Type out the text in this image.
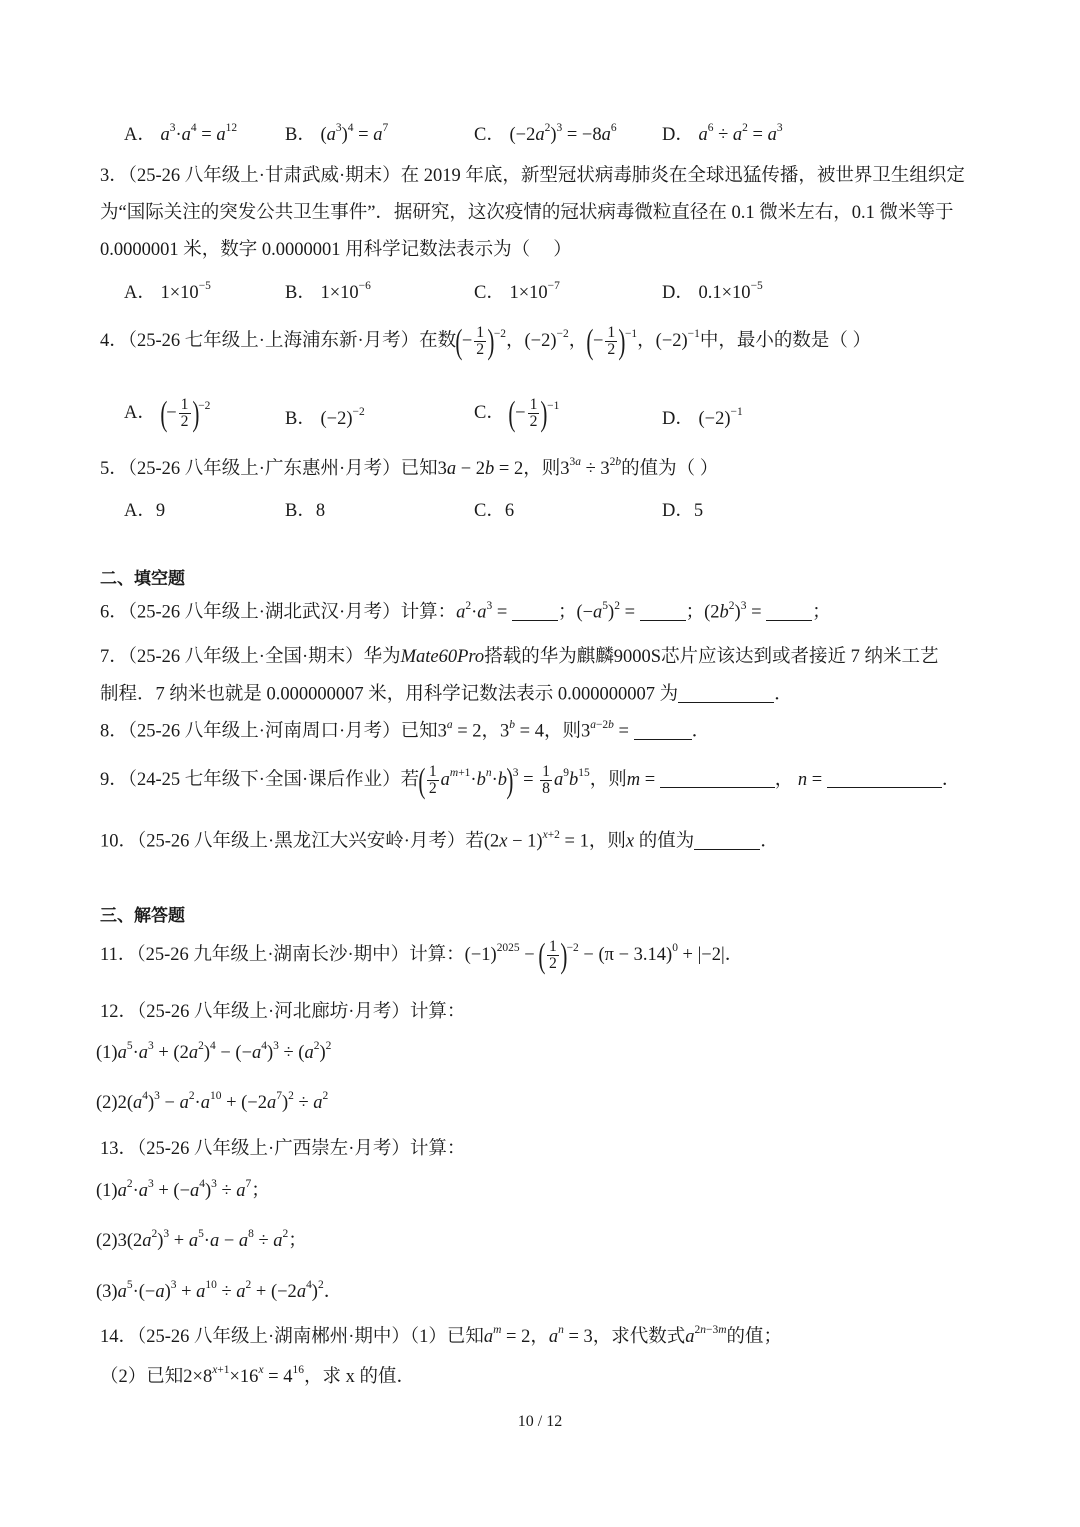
A． $a^3\cdot a^4 = a^{12}$	B． $(a^3)^4 = a^7$	C． $(-2a^2)^3 = -8a^6$ D． $a^6 \div a^2 = a^3$
3．（25-26 八年级上·甘肃武威·期末）在 2019 年底，新型冠状病毒肺炎在全球迅猛传播，被世界卫生组织定
为“国际关注的突发公共卫生事件”．据研究，这次疫情的冠状病毒微粒直径在 0.1 微米左右，0.1 微米等于
0.0000001 米，数字 0.0000001 用科学记数法表示为（　 ）
A． $1\times 10^{-5}$	B． $1\times 10^{-6}$	C． $1\times 10^{-7}$	D． $0.1\times 10^{-5}$
4．（25-26 七年级上·上海浦东新·月考）在数(− $\frac{1}{2} )^{-2}$，$(-2)^{-2}$，(− $\frac{1}{2} )^{-1}$，$(-2)^{-1}$中，最小的数是（ ）
A． (− $\frac{1}{2} )^{-2}$
B． $(-2)^{-2}$	C． (− $\frac{1}{2} )^{-1}$
D． $(-2)^{-1}$
5．（25-26 八年级上·广东惠州·月考）已知3a − 2b = 2，则$3^{3a} \div 3^{2b}$的值为（ ）
A．9	B．8	C．6	D．5
二、填空题
6．（25-26 八年级上·湖北武汉·月考）计算：$a^2\cdot a^3$ = ；$(-a^5)^2$ = ；$(2b^2)^3$ = ；
7．（25-26 八年级上·全国·期末）华为Mate60Pro搭载的华为麒麟9000S芯片应该达到或者接近 7 纳米工艺
制程．7 纳米也就是 0.000000007 米，用科学记数法表示 0.000000007 为	．
8．（25-26 八年级上·河南周口·月考）已知$3^a = 2$，$3^b = 4$，则$3^{a-2b}$ =	．
9．（24-25 七年级下·全国·课后作业）若( $\frac{1}{2} a^{m+1}\cdot b^n\cdot b)^3 = \frac{1}{8} a^9b^{15}$，则m =	， n =	．
10．（25-26 八年级上·黑龙江大兴安岭·月考）若$(2x - 1)^{x+2} = 1$，则x 的值为	．
三、解答题
11．（25-26 九年级上·湖南长沙·期中）计算：$(-1)^{2025}$ − ( $\frac{1}{2} )^{-2} - (\pi - 3.14)^0 + |-2|$．
12．（25-26 八年级上·河北廊坊·月考）计算：
$(1)a^5\cdot a^3 + (2a^2)^4 - (-a^4)^3 \div (a^2)^2$
$(2)2(a^4)^3 - a^2\cdot a^{10} + (-2a^7)^2 \div a^2$
13．（25-26 八年级上·广西崇左·月考）计算：
$(1)a^2\cdot a^3 + (-a^4)^3 \div a^7$；
$(2)3(2a^2)^3 + a^5\cdot a - a^8 \div a^2$；
$(3)a^5\cdot(-a)^3 + a^{10} \div a^2 + (-2a^4)^2$．
14．（25-26 八年级上·湖南郴州·期中）（1）已知$a^m = 2$，$a^n = 3$，求代数式$a^{2n-3m}$的值；
（2）已知$2\times 8^{x+1}\times 16^x = 4^{16}$，求 x 的值．
10 / 12
